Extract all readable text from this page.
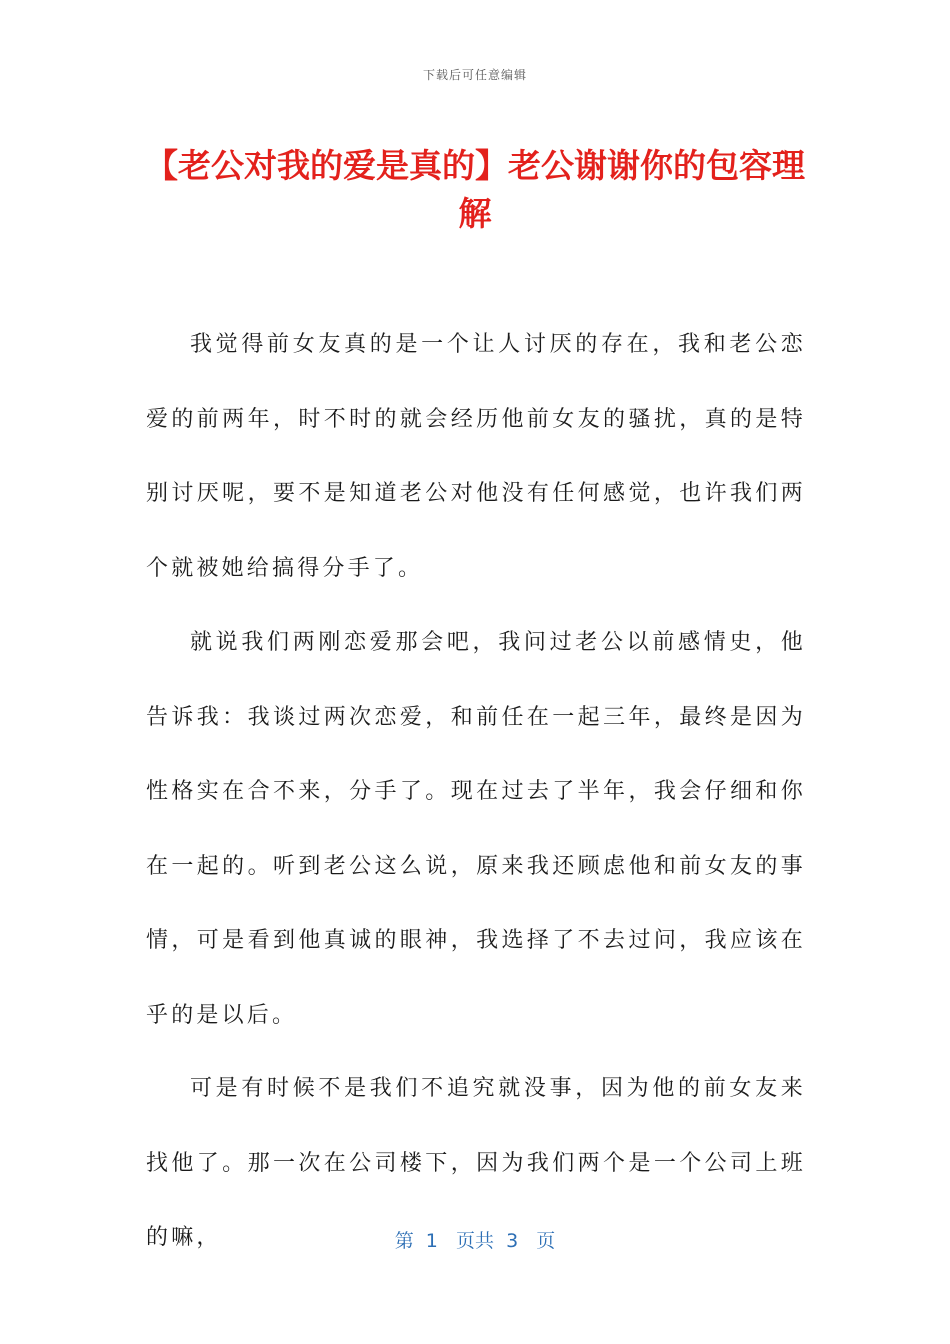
下载后可任意编辑
【老公对我的爱是真的】老公谢谢你的包容理解

我觉得前女友真的是一个让人讨厌的存在，我和老公恋爱的前两年，时不时的就会经历他前女友的骚扰，真的是特别讨厌呢，要不是知道老公对他没有任何感觉，也许我们两个就被她给搞得分手了。

就说我们两刚恋爱那会吧，我问过老公以前感情史，他告诉我：我谈过两次恋爱，和前任在一起三年，最终是因为性格实在合不来，分手了。现在过去了半年，我会仔细和你在一起的。听到老公这么说，原来我还顾虑他和前女友的事情，可是看到他真诚的眼神，我选择了不去过问，我应该在乎的是以后。

可是有时候不是我们不追究就没事，因为他的前女友来找他了。那一次在公司楼下，因为我们两个是一个公司上班的嘛，	第  1   页共  3   页
